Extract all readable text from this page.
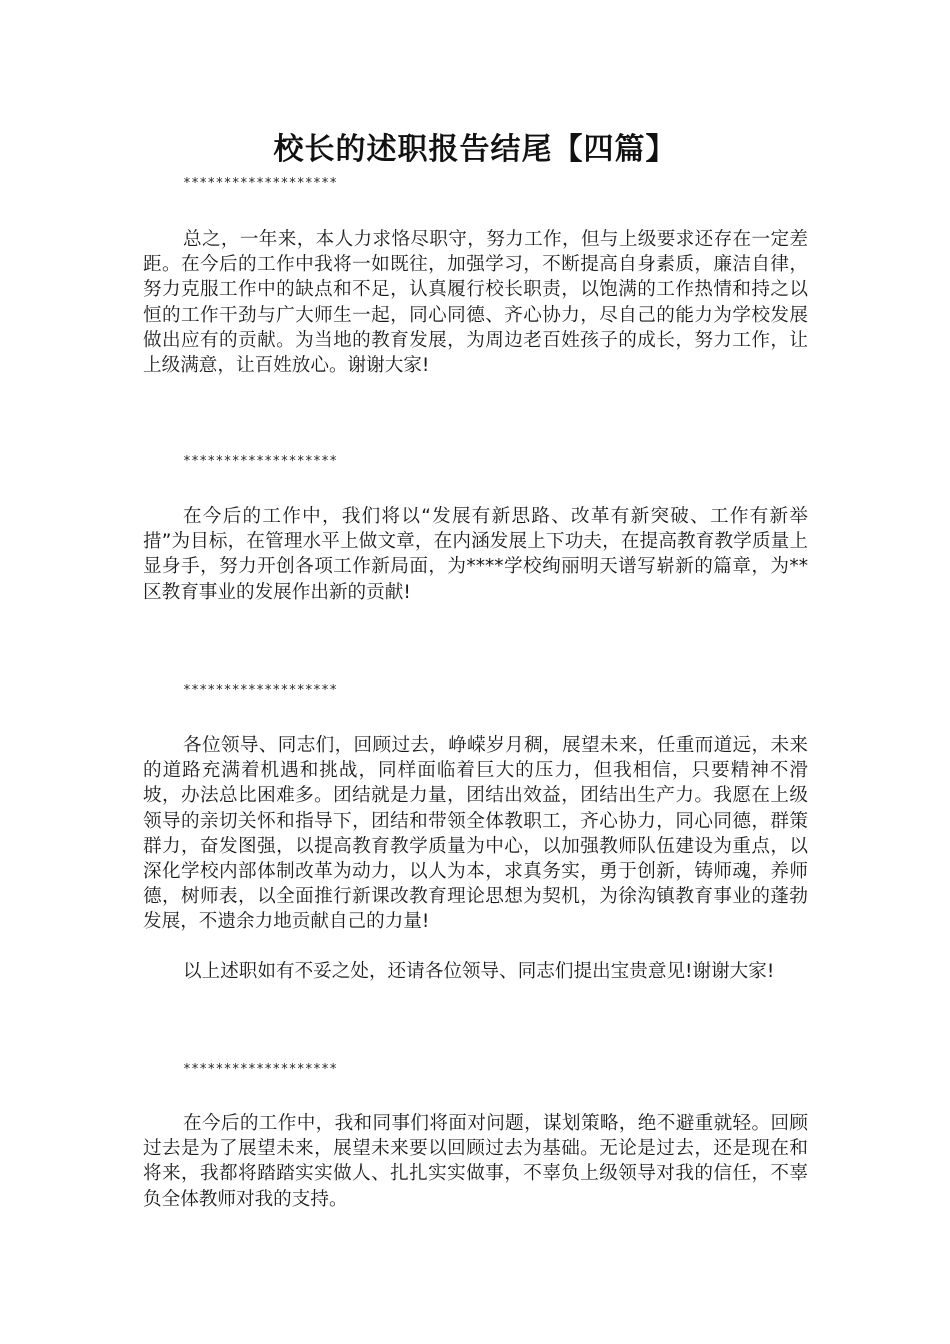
校长的述职报告结尾【四篇】
*******************
总之，一年来，本人力求恪尽职守，努力工作，但与上级要求还存在一定差距。在今后的工作中我将一如既往，加强学习，不断提高自身素质，廉洁自律，努力克服工作中的缺点和不足，认真履行校长职责，以饱满的工作热情和持之以恒的工作干劲与广大师生一起，同心同德、齐心协力，尽自己的能力为学校发展做出应有的贡献。为当地的教育发展，为周边老百姓孩子的成长，努力工作，让上级满意，让百姓放心。谢谢大家!
*******************
在今后的工作中，我们将以“发展有新思路、改革有新突破、工作有新举措”为目标，在管理水平上做文章，在内涵发展上下功夫，在提高教育教学质量上显身手，努力开创各项工作新局面，为****学校绚丽明天谱写崭新的篇章，为**区教育事业的发展作出新的贡献!
*******************
各位领导、同志们，回顾过去，峥嵘岁月稠，展望未来，任重而道远，未来的道路充满着机遇和挑战，同样面临着巨大的压力，但我相信，只要精神不滑坡，办法总比困难多。团结就是力量，团结出效益，团结出生产力。我愿在上级领导的亲切关怀和指导下，团结和带领全体教职工，齐心协力，同心同德，群策群力，奋发图强，以提高教育教学质量为中心，以加强教师队伍建设为重点，以深化学校内部体制改革为动力，以人为本，求真务实，勇于创新，铸师魂，养师德，树师表，以全面推行新课改教育理论思想为契机，为徐沟镇教育事业的蓬勃发展，不遗余力地贡献自己的力量!
以上述职如有不妥之处，还请各位领导、同志们提出宝贵意见!谢谢大家!
*******************
在今后的工作中，我和同事们将面对问题，谋划策略，绝不避重就轻。回顾过去是为了展望未来，展望未来要以回顾过去为基础。无论是过去，还是现在和将来，我都将踏踏实实做人、扎扎实实做事，不辜负上级领导对我的信任，不辜负全体教师对我的支持。
